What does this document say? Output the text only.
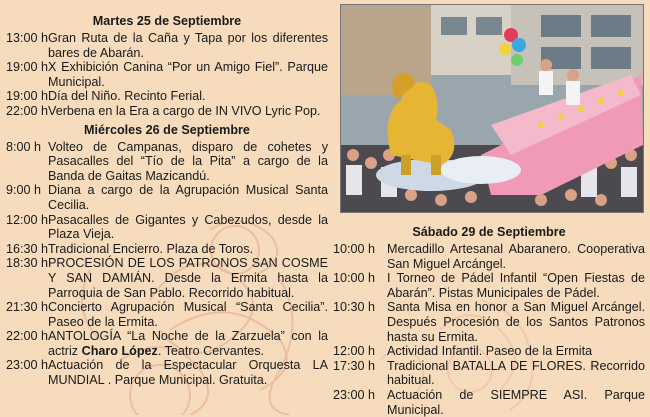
Martes 25 de Septiembre
13:00 h Gran Ruta de la Caña y Tapa por los diferentes bares de Abarán.
19:00 h X Exhibición Canina “Por un Amigo Fiel”. Parque Municipal.
19:00 h Día del Niño. Recinto Ferial.
22:00 h Verbena en la Era a cargo de IN VIVO Lyric Pop.
Miércoles 26 de Septiembre
8:00 h Volteo de Campanas, disparo de cohetes y Pasacalles del “Tío de la Pita” a cargo de la Banda de Gaitas Mazicandú.
9:00 h Diana a cargo de la Agrupación Musical Santa Cecilia.
12:00 h Pasacalles de Gigantes y Cabezudos, desde la Plaza Vieja.
16:30 h Tradicional Encierro. Plaza de Toros.
18:30 h PROCESIÓN DE LOS PATRONOS SAN COSME Y SAN DAMIÁN. Desde la Ermita hasta la Parroquia de San Pablo. Recorrido habitual.
21:30 h Concierto Agrupación Musical “Santa Cecilia”. Paseo de la Ermita.
22:00 h ANTOLOGÍA “La Noche de la Zarzuela” con la actriz Charo López. Teatro Cervantes.
23:00 h Actuación de la Espectacular Orquesta LA MUNDIAL . Parque Municipal. Gratuita.
Sábado 29 de Septiembre
10:00 h Mercadillo Artesanal Abaranero. Cooperativa San Miguel Arcángel.
10:00 h I Torneo de Pádel Infantil “Open Fiestas de Abarán”. Pistas Municipales de Pádel.
10:30 h Santa Misa en honor a San Miguel Arcángel. Después Procesión de los Santos Patronos hasta su Ermita.
12:00 h Actividad Infantil. Paseo de la Ermita
17:30 h Tradicional BATALLA DE FLORES. Recorrido habitual.
23:00 h Actuación de SIEMPRE ASI. Parque Municipal.
